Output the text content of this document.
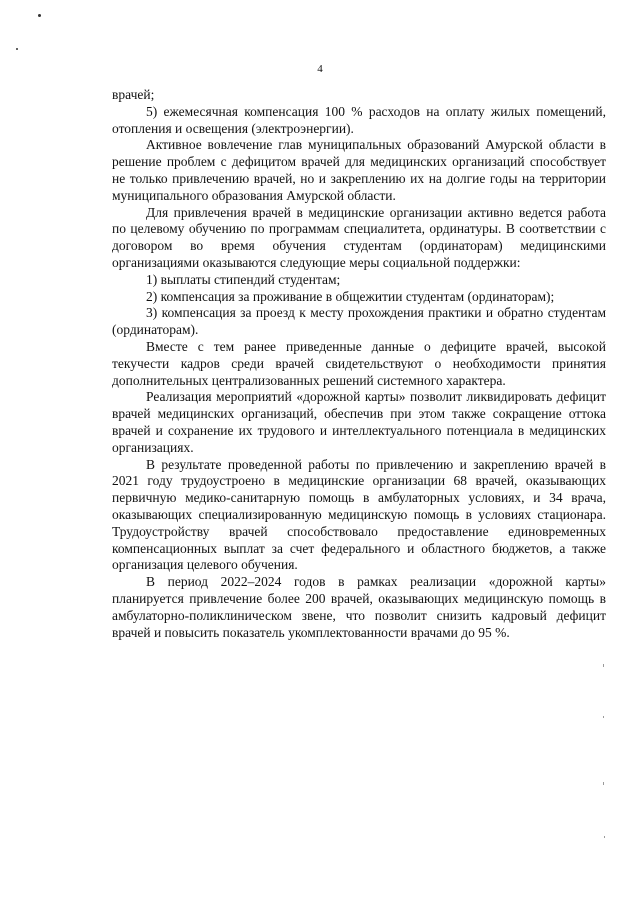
4

врачей;

5) ежемесячная компенсация 100 % расходов на оплату жилых помещений, отопления и освещения (электроэнергии).

Активное вовлечение глав муниципальных образований Амурской области в решение проблем с дефицитом врачей для медицинских организаций способствует не только привлечению врачей, но и закреплению их на долгие годы на территории муниципального образования Амурской области.

Для привлечения врачей в медицинские организации активно ведется работа по целевому обучению по программам специалитета, ординатуры. В соответствии с договором во время обучения студентам (ординаторам) медицинскими организациями оказываются следующие меры социальной поддержки:

1) выплаты стипендий студентам;

2) компенсация за проживание в общежитии студентам (ординаторам);

3) компенсация за проезд к месту прохождения практики и обратно студентам (ординаторам).

Вместе с тем ранее приведенные данные о дефиците врачей, высокой текучести кадров среди врачей свидетельствуют о необходимости принятия дополнительных централизованных решений системного характера.

Реализация мероприятий «дорожной карты» позволит ликвидировать дефицит врачей медицинских организаций, обеспечив при этом также сокращение оттока врачей и сохранение их трудового и интеллектуального потенциала в медицинских организациях.

В результате проведенной работы по привлечению и закреплению врачей в 2021 году трудоустроено в медицинские организации 68 врачей, оказывающих первичную медико-санитарную помощь в амбулаторных условиях, и 34 врача, оказывающих специализированную медицинскую помощь в условиях стационара. Трудоустройству врачей способствовало предоставление единовременных компенсационных выплат за счет федерального и областного бюджетов, а также организация целевого обучения.

В период 2022–2024 годов в рамках реализации «дорожной карты» планируется привлечение более 200 врачей, оказывающих медицинскую помощь в амбулаторно-поликлиническом звене, что позволит снизить кадровый дефицит врачей и повысить показатель укомплектованности врачами до 95 %.
